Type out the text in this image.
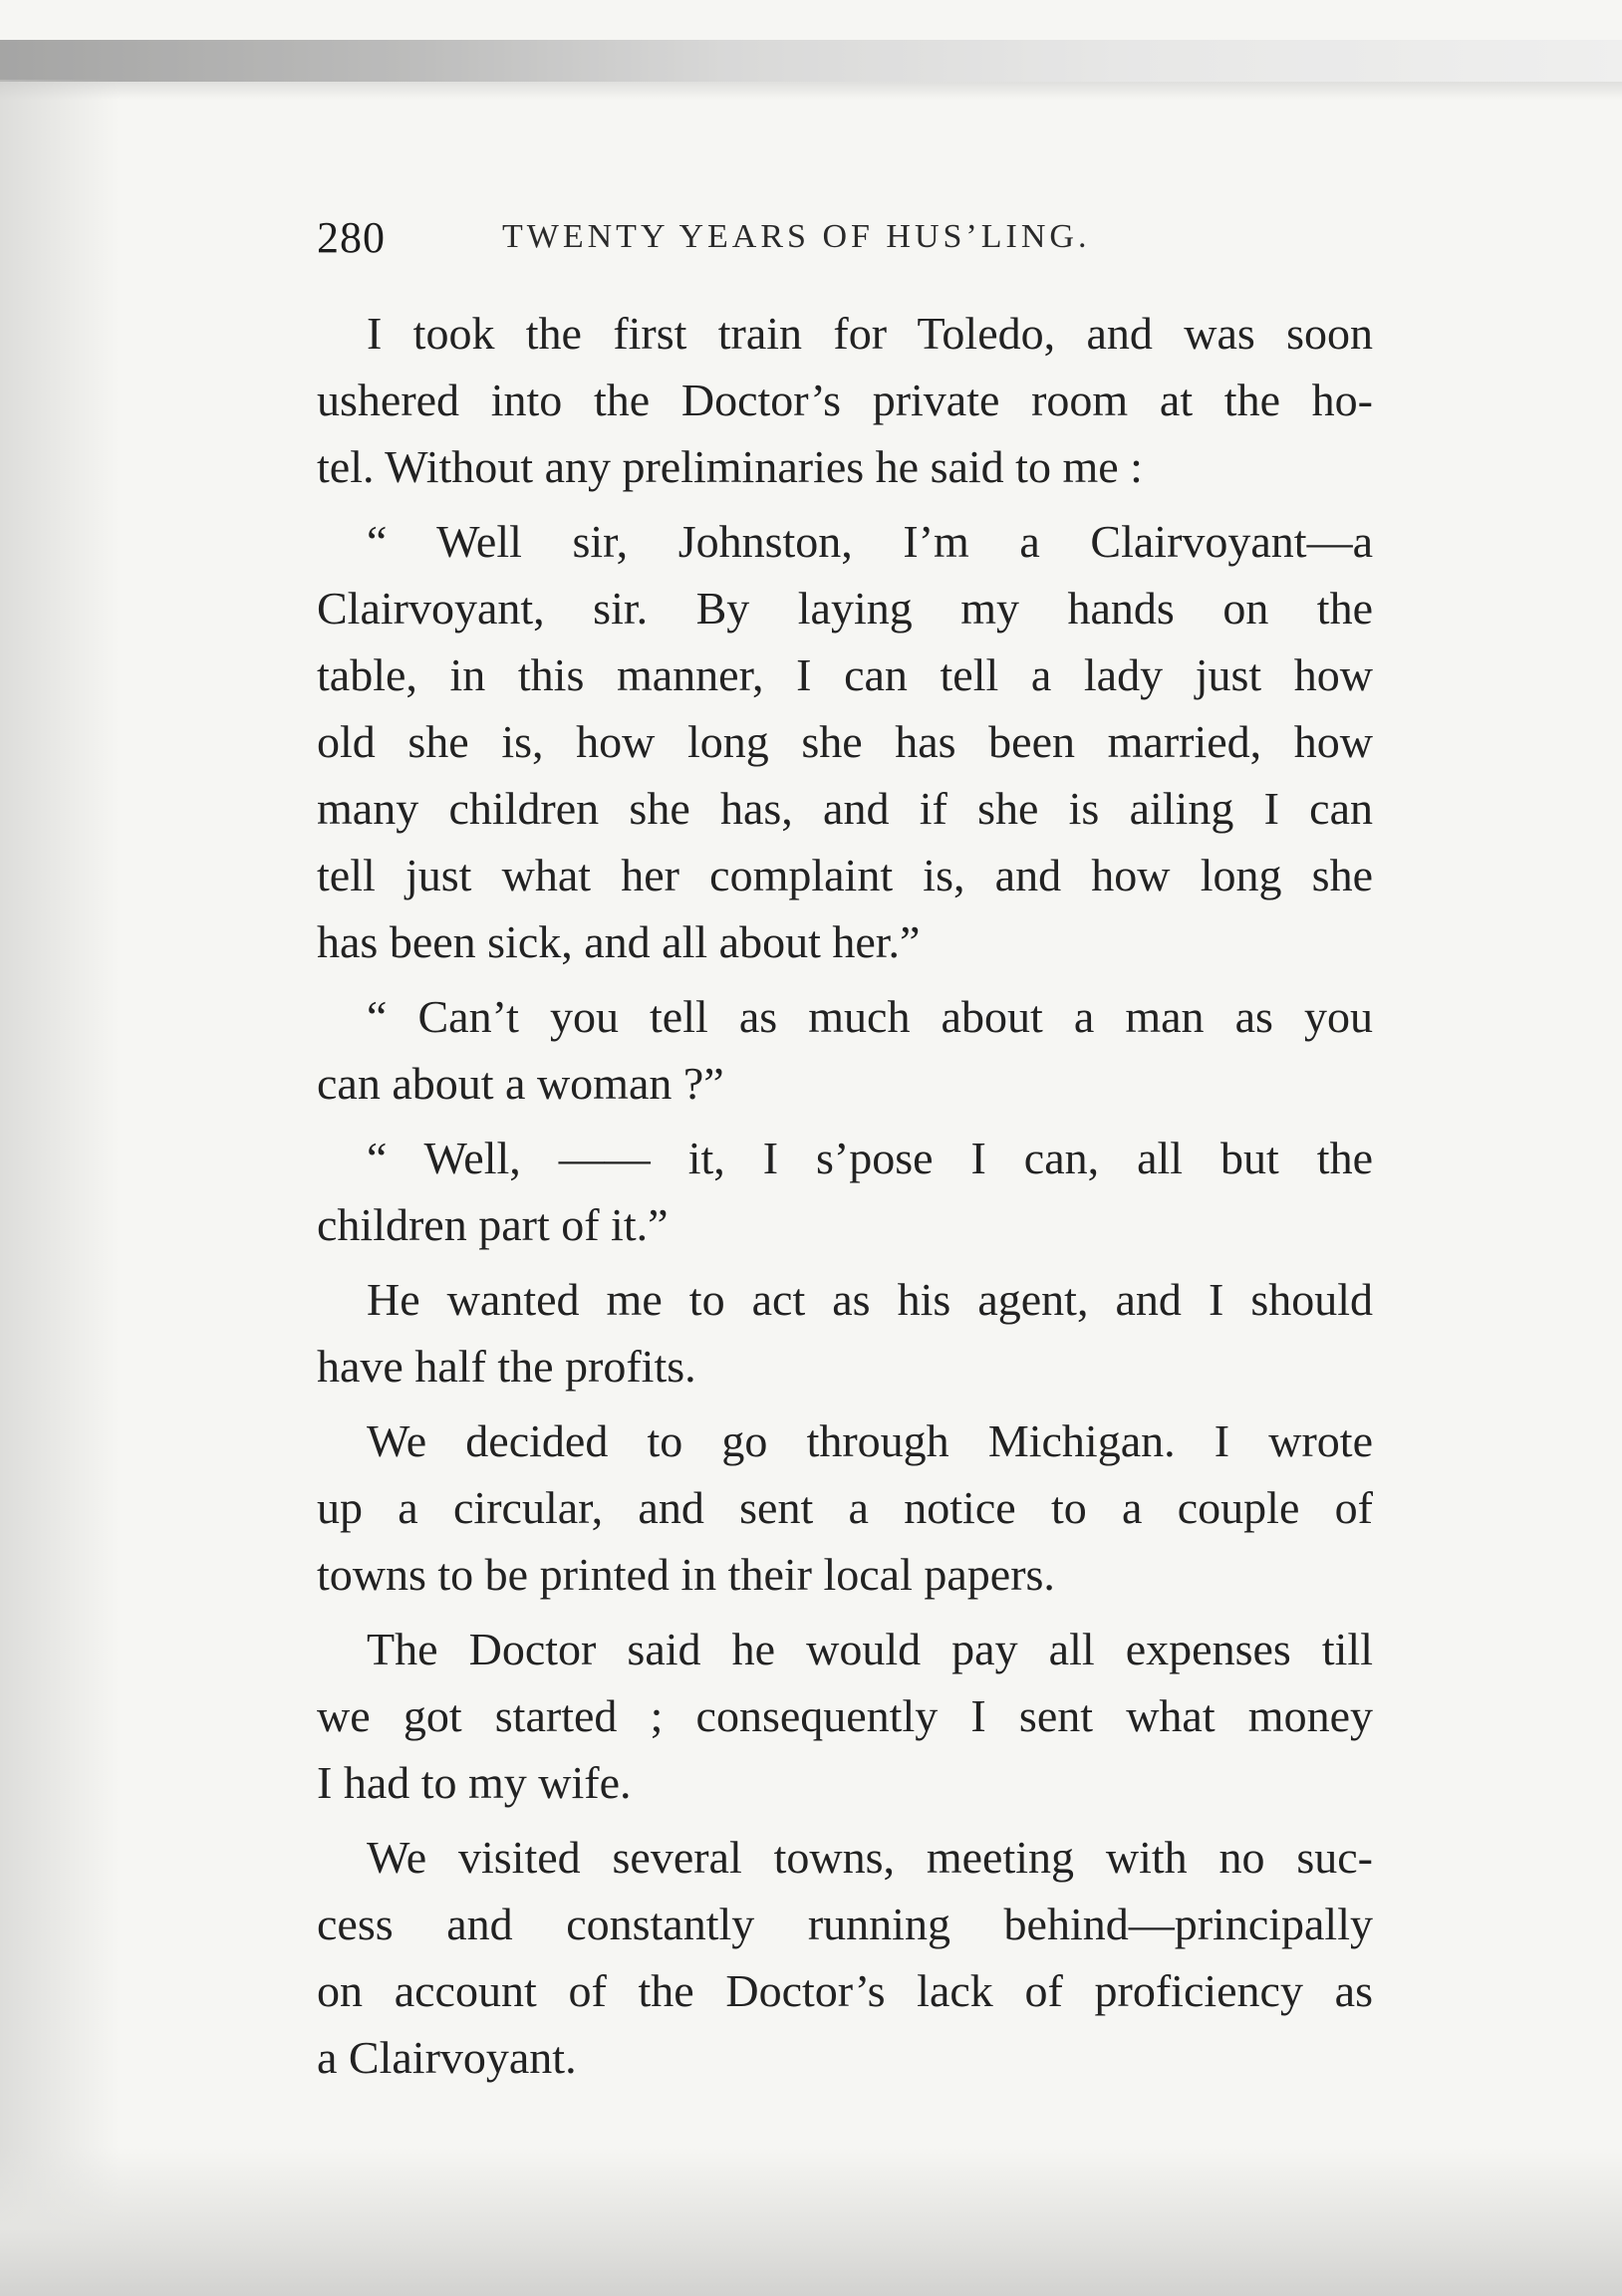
280	TWENTY YEARS OF HUS’LING.

I took the first train for Toledo, and was soon
ushered into the Doctor’s private room at the ho-
tel. Without any preliminaries he said to me :

“ Well sir, Johnston, I’m a Clairvoyant—a
Clairvoyant, sir. By laying my hands on the
table, in this manner, I can tell a lady just how
old she is, how long she has been married, how
many children she has, and if she is ailing I can
tell just what her complaint is, and how long she
has been sick, and all about her.”

“ Can’t you tell as much about a man as you
can about a woman ?”

“ Well, —— it, I s’pose I can, all but the
children part of it.”

He wanted me to act as his agent, and I should
have half the profits.

We decided to go through Michigan. I wrote
up a circular, and sent a notice to a couple of
towns to be printed in their local papers.

The Doctor said he would pay all expenses till
we got started ; consequently I sent what money
I had to my wife.

We visited several towns, meeting with no suc-
cess and constantly running behind—principally
on account of the Doctor’s lack of proficiency as
a Clairvoyant.
